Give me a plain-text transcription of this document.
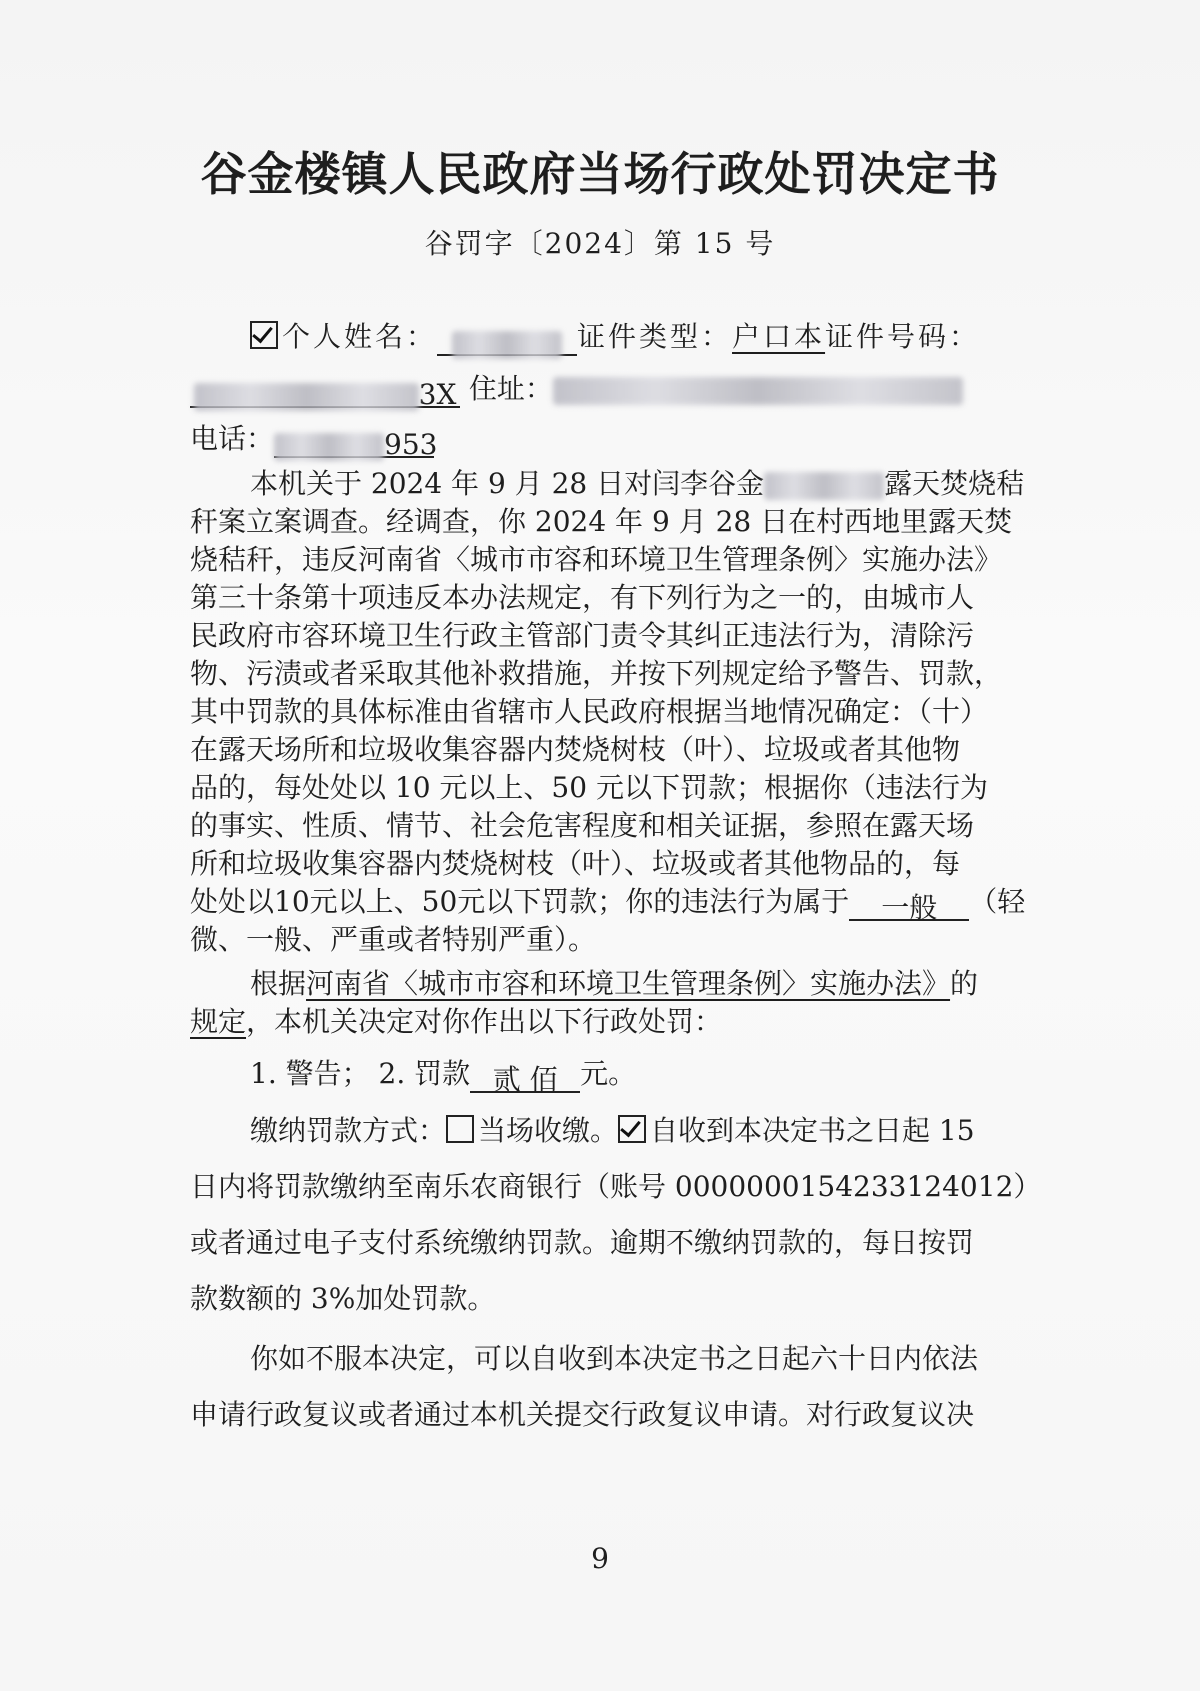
谷金楼镇人民政府当场行政处罚决定书
谷罚字〔2024〕第 15 号
个人姓名：	证件类型：户口本证件号码：
3X 住址：
电话：	953
本机关于 2024 年 9 月 28 日对闫李谷金	露天焚烧秸
秆案立案调查。经调查，你 2024 年 9 月 28 日在村西地里露天焚
烧秸秆，违反河南省〈城市市容和环境卫生管理条例〉实施办法》
第三十条第十项违反本办法规定，有下列行为之一的，由城市人
民政府市容环境卫生行政主管部门责令其纠正违法行为，清除污
物、污渍或者采取其他补救措施，并按下列规定给予警告、罚款，
其中罚款的具体标准由省辖市人民政府根据当地情况确定：（十）
在露天场所和垃圾收集容器内焚烧树枝（叶）、垃圾或者其他物
品的，每处处以 10 元以上、50 元以下罚款；根据你（违法行为
的事实、性质、情节、社会危害程度和相关证据，参照在露天场
所和垃圾收集容器内焚烧树枝（叶）、垃圾或者其他物品的，每
处处以10元以上、50元以下罚款；你的违法行为属于 一般 （轻
微、一般、严重或者特别严重）。
根据河南省〈城市市容和环境卫生管理条例〉实施办法》的
规定，本机关决定对你作出以下行政处罚：
1. 警告； 2. 罚款 贰 佰 元。
缴纳罚款方式： 当场收缴。 自收到本决定书之日起 15
日内将罚款缴纳至南乐农商银行（账号 0000000154233124012）
或者通过电子支付系统缴纳罚款。逾期不缴纳罚款的，每日按罚
款数额的 3%加处罚款。
你如不服本决定，可以自收到本决定书之日起六十日内依法
申请行政复议或者通过本机关提交行政复议申请。对行政复议决
9
